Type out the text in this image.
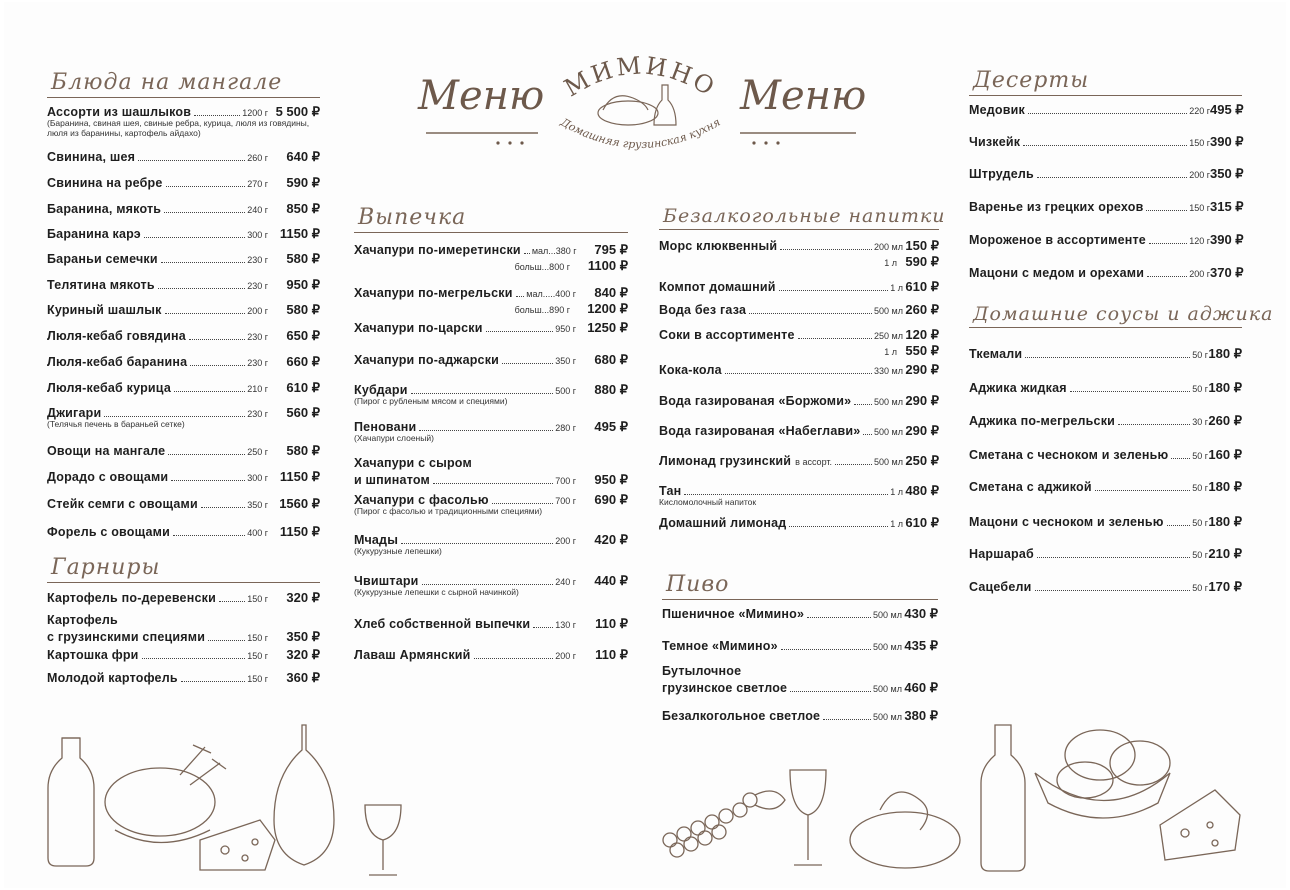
Меню	Меню
МИМИНО
Домашняя грузинская кухня
Блюда на мангале
Ассорти из шашлыков	1200 г 5 500 ₽
(Баранина, свиная шея, свиные ребра, курица, люля из говядины, люля из баранины, картофель айдахо)
Свинина, шея	260 г	640 ₽
Свинина на ребре	270 г	590 ₽
Баранина, мякоть	240 г	850 ₽
Баранина карэ	300 г 1150 ₽
Бараньи семечки	230 г	580 ₽
Телятина мякоть	230 г	950 ₽
Куриный шашлык	200 г	580 ₽
Люля-кебаб говядина	230 г	650 ₽
Люля-кебаб баранина	230 г	660 ₽
Люля-кебаб курица	210 г	610 ₽
Джигари	230 г	560 ₽
(Телячья печень в бараньей сетке)
Овощи на мангале	250 г	580 ₽
Дорадо с овощами	300 г 1150 ₽
Стейк семги с овощами	350 г 1560 ₽
Форель с овощами	400 г 1150 ₽
Гарниры
Картофель по-деревенски	150 г	320 ₽
Картофель
с грузинскими специями	150 г	350 ₽
Картошка фри	150 г	320 ₽
Молодой картофель	150 г	360 ₽
Выпечка
Хачапури по-имеретински мал...380 г	795 ₽
больш...800 г	1100 ₽
Хачапури по-мегрельски мал.....400 г	840 ₽
больш...890 г	1200 ₽
Хачапури по-царски	950 г 1250 ₽
Хачапури по-аджарски	350 г	680 ₽
Кубдари	500 г	880 ₽
(Пирог с рубленым мясом и специями)
Пеновани	280 г	495 ₽
(Хачапури слоеный)
Хачапури с сыром
и шпинатом	700 г	950 ₽
Хачапури с фасолью	700 г	690 ₽
(Пирог с фасолью и традиционными специями)
Мчады	200 г	420 ₽
(Кукурузные лепешки)
Чвиштари	240 г	440 ₽
(Кукурузные лепешки с сырной начинкой)
Хлеб собственной выпечки	130 г	110 ₽
Лаваш Армянский	200 г	110 ₽
Безалкогольные напитки
Морс клюквенный	200 мл 150 ₽
1 л 590 ₽
Компот домашний	1 л 610 ₽
Вода без газа	500 мл 260 ₽
Соки в ассортименте	250 мл 120 ₽
1 л 550 ₽
Кока-кола	330 мл 290 ₽
Вода газированая «Боржоми»	500 мл 290 ₽
Вода газированая «Набеглави» 500 мл 290 ₽
Лимонад грузинский в ассорт.	500 мл 250 ₽
Тан	1 л 480 ₽
Кисломолочный напиток
Домашний лимонад	1 л 610 ₽
Пиво
Пшеничное «Мимино»	500 мл 430 ₽
Темное «Мимино»	500 мл 435 ₽
Бутылочное
грузинское светлое	500 мл 460 ₽
Безалкогольное светлое	500 мл 380 ₽
Десерты
Медовик	220 г 495 ₽
Чизкейк	150 г 390 ₽
Штрудель	200 г 350 ₽
Варенье из грецких орехов	150 г 315 ₽
Мороженое в ассортименте	120 г 390 ₽
Мацони с медом и орехами	200 г 370 ₽
Домашние соусы и аджика
Ткемали	50 г 180 ₽
Аджика жидкая	50 г 180 ₽
Аджика по-мегрельски	30 г 260 ₽
Сметана с чесноком и зеленью	50 г 160 ₽
Сметана с аджикой	50 г 180 ₽
Мацони с чесноком и зеленью	50 г 180 ₽
Наршараб	50 г 210 ₽
Сацебели	50 г 170 ₽
